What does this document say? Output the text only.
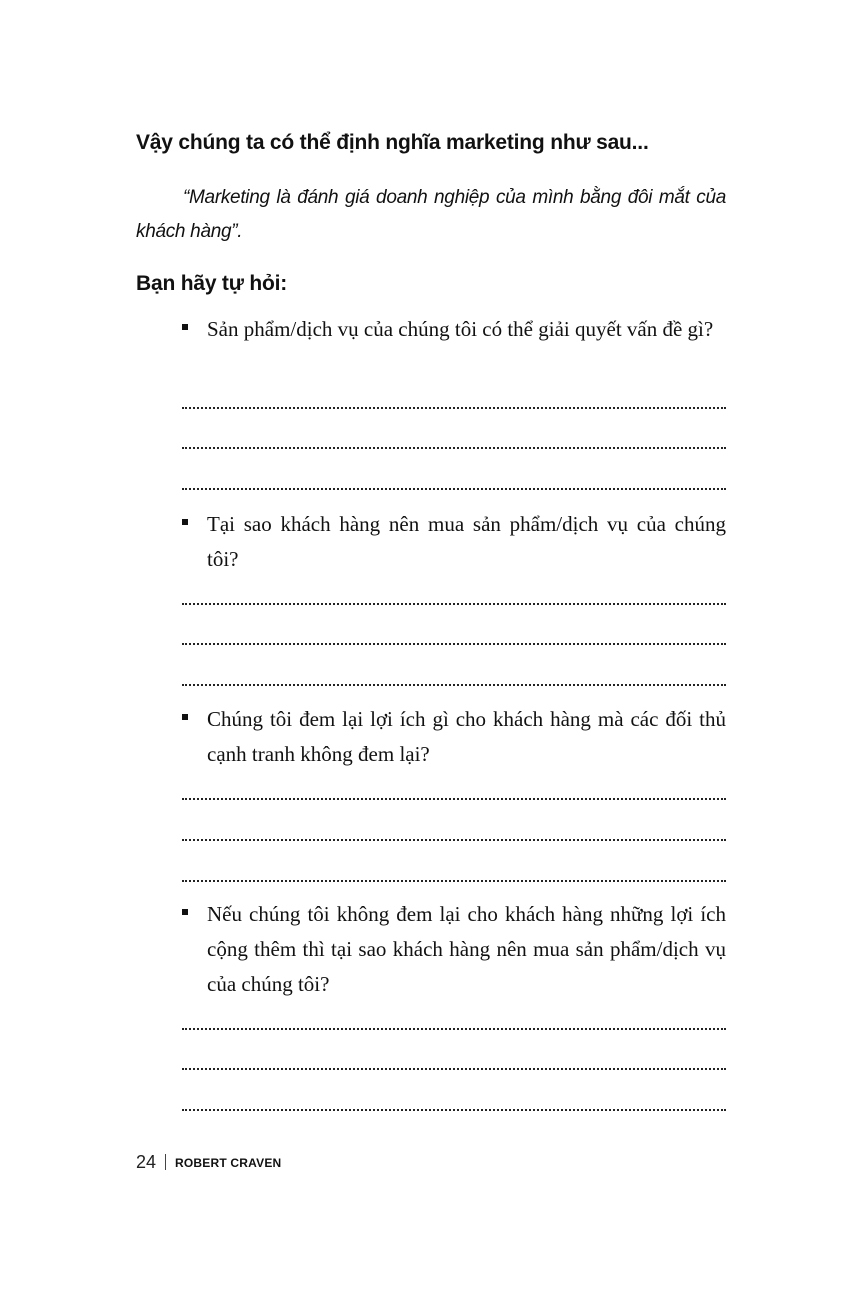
Vậy chúng ta có thể định nghĩa marketing như sau...

“Marketing là đánh giá doanh nghiệp của mình bằng đôi mắt của khách hàng”.

Bạn hãy tự hỏi:

Sản phẩm/dịch vụ của chúng tôi có thể giải quyết vấn đề gì?

Tại sao khách hàng nên mua sản phẩm/dịch vụ của chúng tôi?

Chúng tôi đem lại lợi ích gì cho khách hàng mà các đối thủ cạnh tranh không đem lại?

Nếu chúng tôi không đem lại cho khách hàng những lợi ích cộng thêm thì tại sao khách hàng nên mua sản phẩm/dịch vụ của chúng tôi?

24 ROBERT CRAVEN
